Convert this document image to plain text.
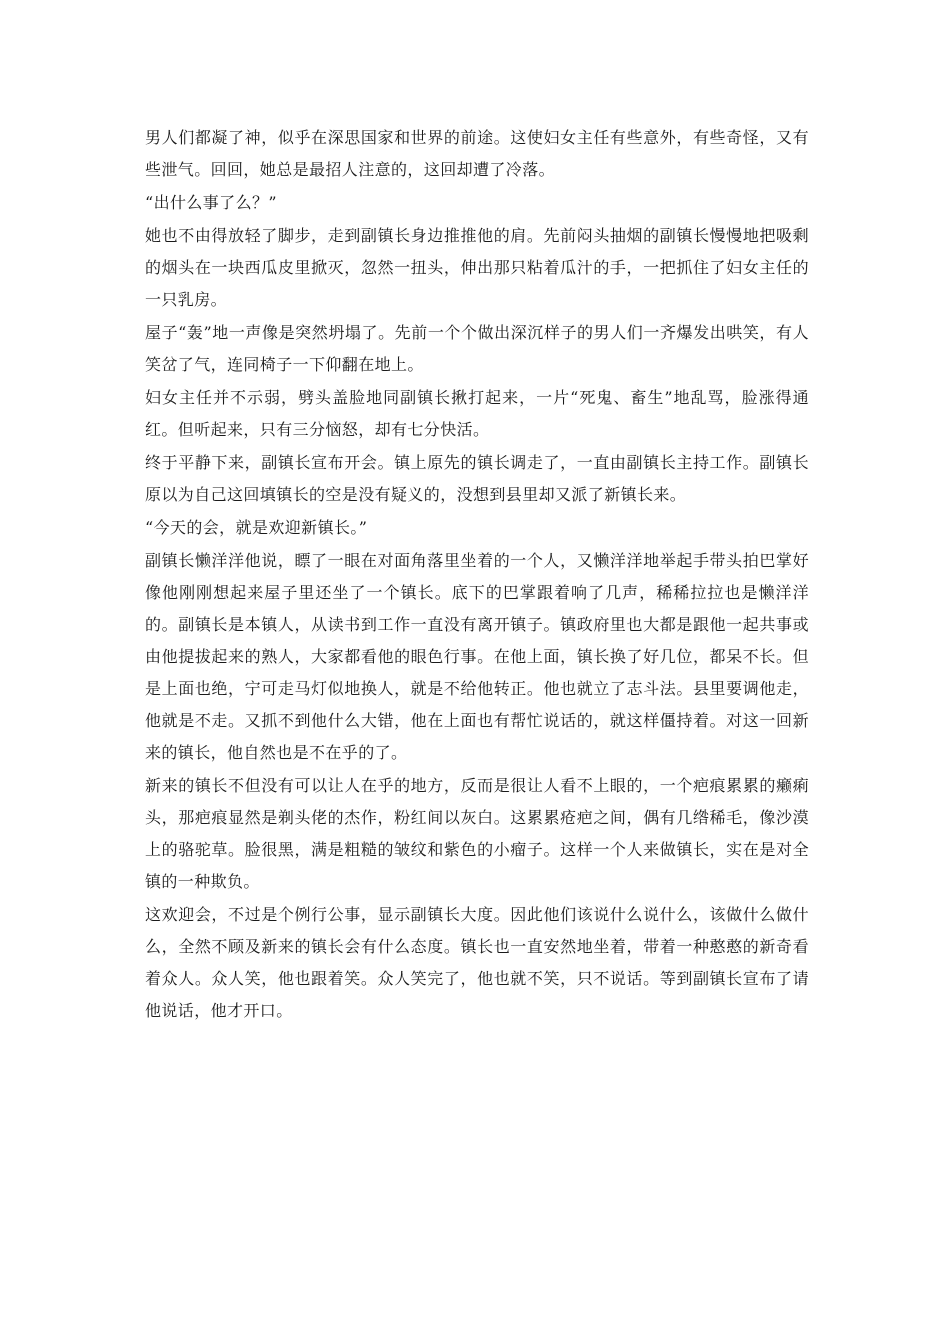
男人们都凝了神，似乎在深思国家和世界的前途。这使妇女主任有些意外，有些奇怪，又有些泄气。回回，她总是最招人注意的，这回却遭了冷落。

“出什么事了么？”

她也不由得放轻了脚步，走到副镇长身边推推他的肩。先前闷头抽烟的副镇长慢慢地把吸剩的烟头在一块西瓜皮里掀灭，忽然一扭头，伸出那只粘着瓜汁的手，一把抓住了妇女主任的一只乳房。

屋子“轰”地一声像是突然坍塌了。先前一个个做出深沉样子的男人们一齐爆发出哄笑，有人笑岔了气，连同椅子一下仰翻在地上。

妇女主任并不示弱，劈头盖脸地同副镇长揪打起来，一片“死鬼、畜生”地乱骂，脸涨得通红。但听起来，只有三分恼怒，却有七分快活。

终于平静下来，副镇长宣布开会。镇上原先的镇长调走了，一直由副镇长主持工作。副镇长原以为自己这回填镇长的空是没有疑义的，没想到县里却又派了新镇长来。

“今天的会，就是欢迎新镇长。”

副镇长懒洋洋他说，瞟了一眼在对面角落里坐着的一个人，又懒洋洋地举起手带头拍巴掌好像他刚刚想起来屋子里还坐了一个镇长。底下的巴掌跟着响了几声，稀稀拉拉也是懒洋洋的。副镇长是本镇人，从读书到工作一直没有离开镇子。镇政府里也大都是跟他一起共事或由他提拔起来的熟人，大家都看他的眼色行事。在他上面，镇长换了好几位，都呆不长。但是上面也绝，宁可走马灯似地换人，就是不给他转正。他也就立了志斗法。县里要调他走，他就是不走。又抓不到他什么大错，他在上面也有帮忙说话的，就这样僵持着。对这一回新来的镇长，他自然也是不在乎的了。

新来的镇长不但没有可以让人在乎的地方，反而是很让人看不上眼的，一个疤痕累累的癞痢头，那疤痕显然是剃头佬的杰作，粉红间以灰白。这累累疮疤之间，偶有几绺稀毛，像沙漠上的骆驼草。脸很黑，满是粗糙的皱纹和紫色的小瘤子。这样一个人来做镇长，实在是对全镇的一种欺负。

这欢迎会，不过是个例行公事，显示副镇长大度。因此他们该说什么说什么，该做什么做什么，全然不顾及新来的镇长会有什么态度。镇长也一直安然地坐着，带着一种憨憨的新奇看着众人。众人笑，他也跟着笑。众人笑完了，他也就不笑，只不说话。等到副镇长宣布了请他说话，他才开口。
